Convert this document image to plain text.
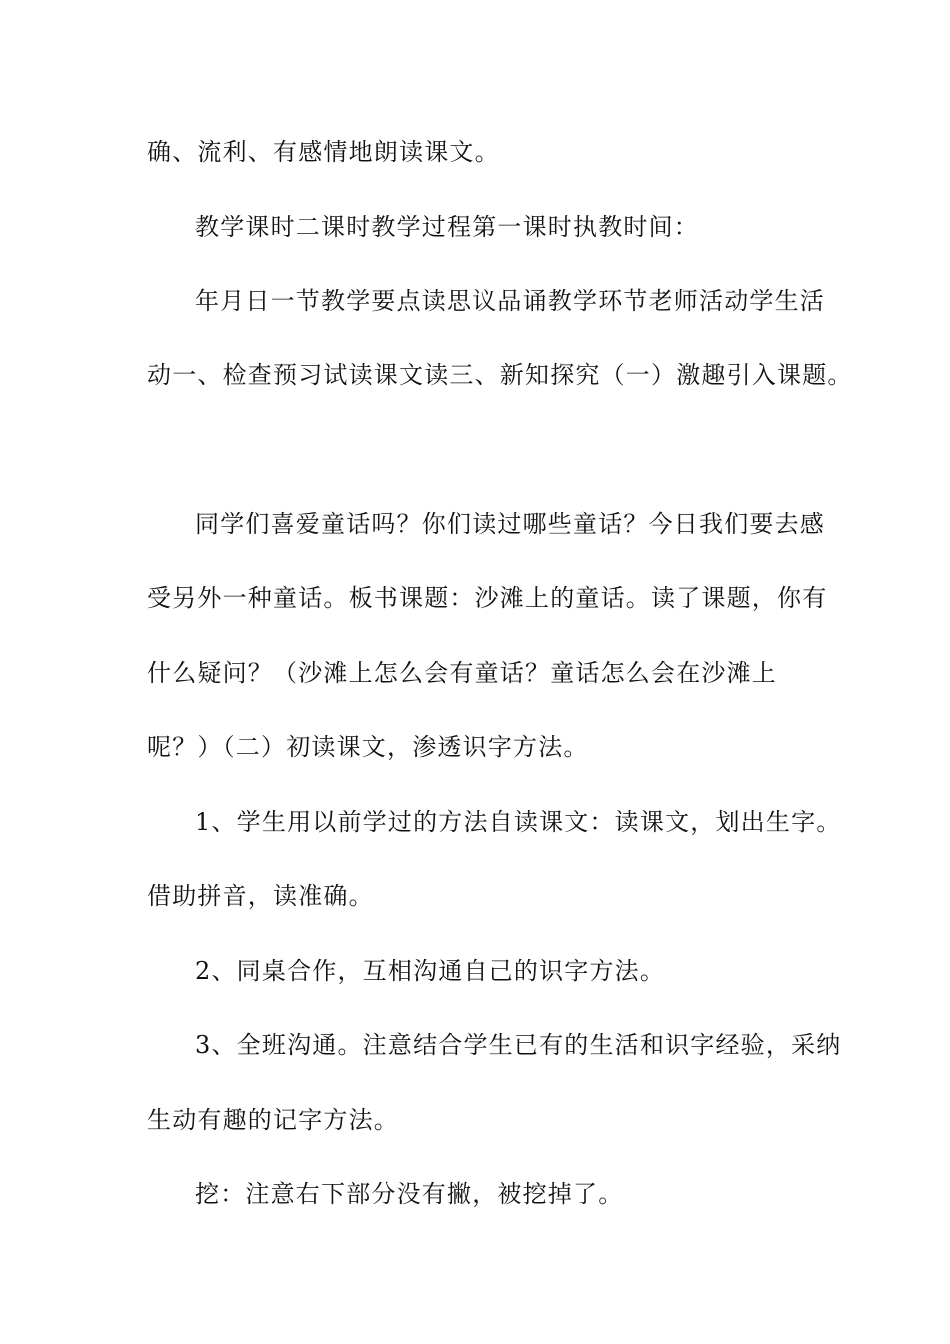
确、流利、有感情地朗读课文。
教学课时二课时教学过程第一课时执教时间：
年月日一节教学要点读思议品诵教学环节老师活动学生活
动一、检查预习试读课文读三、新知探究（一）激趣引入课题。
同学们喜爱童话吗？你们读过哪些童话？今日我们要去感
受另外一种童话。板书课题：沙滩上的童话。读了课题，你有
什么疑问？（沙滩上怎么会有童话？童话怎么会在沙滩上
呢？）（二）初读课文，渗透识字方法。
1、学生用以前学过的方法自读课文：读课文，划出生字。
借助拼音，读准确。
2、同桌合作，互相沟通自己的识字方法。
3、全班沟通。注意结合学生已有的生活和识字经验，采纳
生动有趣的记字方法。
挖：注意右下部分没有撇，被挖掉了。
